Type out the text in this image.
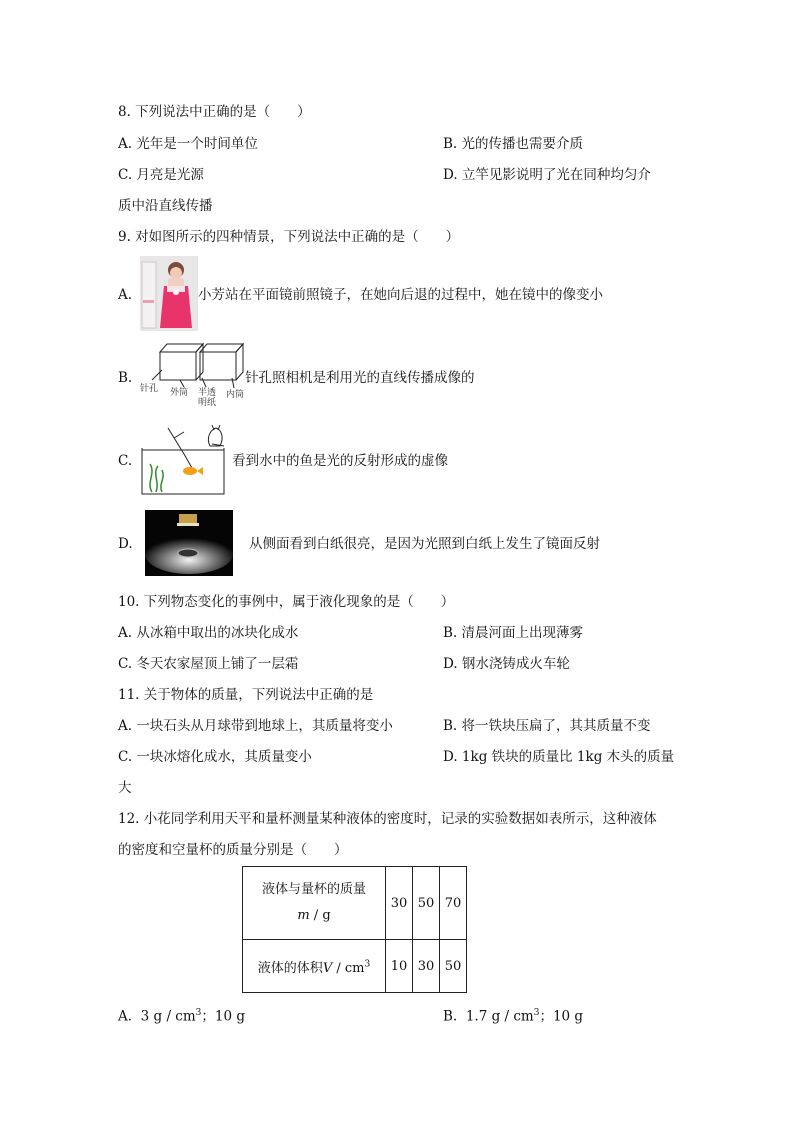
8. 下列说法中正确的是（　　）
A. 光年是一个时间单位	B. 光的传播也需要介质
C. 月亮是光源	D. 立竿见影说明了光在同种均匀介
质中沿直线传播
9. 对如图所示的四种情景，下列说法中正确的是（　　）
A.	小芳站在平面镜前照镜子，在她向后退的过程中，她在镜中的像变小
B.
针孔 外筒 半透
明纸
内筒
针孔照相机是利用光的直线传播成像的
C.	看到水中的鱼是光的反射形成的虚像
D.	从侧面看到白纸很亮，是因为光照到白纸上发生了镜面反射
10. 下列物态变化的事例中，属于液化现象的是（　　）
A. 从冰箱中取出的冰块化成水	B. 清晨河面上出现薄雾
C. 冬天农家屋顶上铺了一层霜	D. 钢水浇铸成火车轮
11. 关于物体的质量，下列说法中正确的是
A. 一块石头从月球带到地球上，其质量将变小	B. 将一铁块压扁了，其其质量不变
C. 一块冰熔化成水，其质量变小	D. 1kg 铁块的质量比 1kg 木头的质量
大
12. 小花同学利用天平和量杯测量某种液体的密度时，记录的实验数据如表所示，这种液体
的密度和空量杯的质量分别是（　　）
液体与量杯的质量
m / g	30	50	70
液体的体积V / $cm^3$	10	30	50
A. 3 g / $cm^3$；10 g	B. 1.7 g / $cm^3$；10 g
